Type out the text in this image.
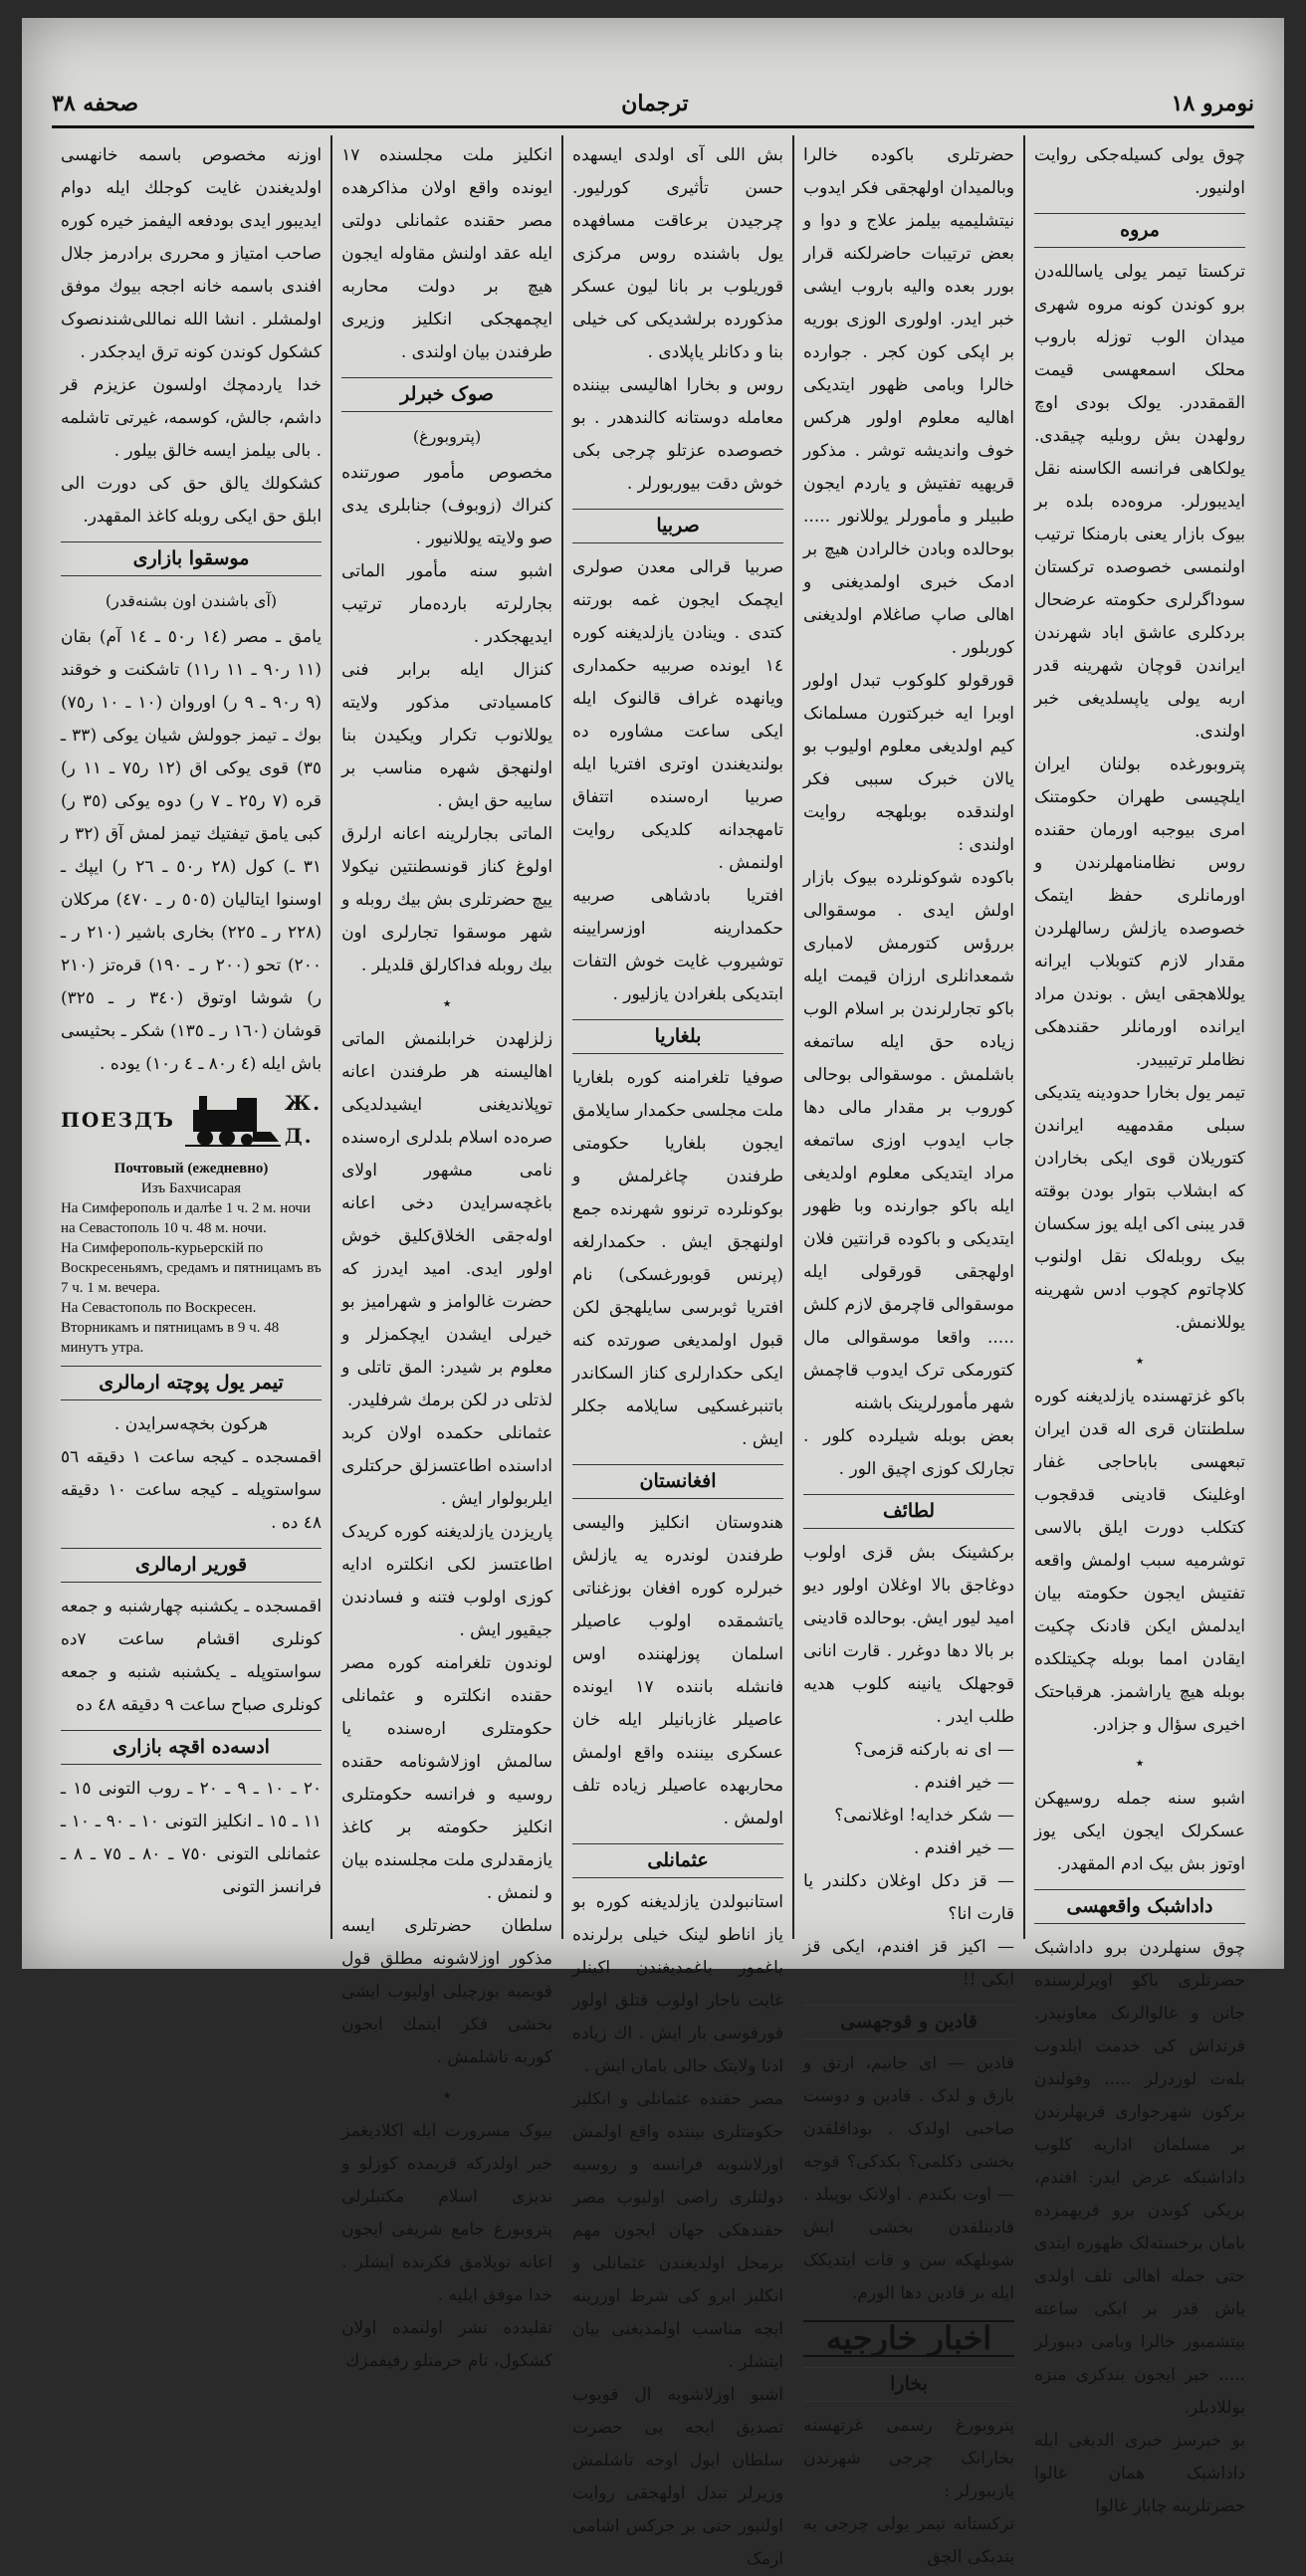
نومرو ١٨
ترجمان
صحفه ٣٨

چوق یولی کسیلەجکی روایت اولنیور.

مروه

ترکستا تیمر یولی یاساللەدن برو کوندن کونه مروه شهری میدان الوب توزله باروب محلک اسمعهسی قیمت القمقددر. یولک بودی اوچ رولهدن بش روبلیه چیقدی. یولکاهی فرانسه الکاسنه نقل ایدیبورلر. مروەده بلده بر بیوک بازار یعنی بارمنکا ترتیب اولنمسی خصوصده ترکستان سوداگرلری حکومته عرضحال بردکلری عاشق اباد شهرندن ایراندن قوچان شهرینه قدر اربه یولی یاپسلدیغی خبر اولندی.

پتروبورغده بولنان ایران ایلچیسی طهران حکومتنک امری بیوجبه اورمان حقنده روس نظامنامهلرندن و اورمانلری حفظ ایتمک خصوصده یازلش رسالهلردن مقدار لازم کتوبلاب ایرانه یوللاهجقی ایش . بوندن مراد ایرانده اورمانلر حقندهکی نظاملر ترتیبیدر.

تیمر یول بخارا حدودینه یتدیکی سبلی مقدمهیه ایراندن کتوریلان قوی ایکی بخارادن که ابشلاب بتوار بودن بوقته قدر یبنی اکی ایله یوز سکسان بیک روبلەلک نقل اولنوب کلاچاتوم کچوب ادس شهرینه یوللانمش.

٭

باکو غزتهسنده یازلدیغنه کوره سلطنتان قری اله قدن ایران تبعهسی باباحاجی غفار اوغلینک قادینی قدقجوب کتکلب دورت ایلق بالاسی توشرمیه سبب اولمش واقعه تفتیش ایجون حکومته بیان ایدلمش ایکن قادنک چکیت ایقادن امما بوبله چکیتلکده بوبله هیچ یاراشمز. هرقباحتک اخیری سؤال و جزادر.

٭

اشبو سنه جمله روسیهکن عسکرلک ایجون ایکی یوز اوتوز بش بیک ادم المقهدر.

داداشبک واقعهسی

چوق سنهلردن برو داداشبک حضرتلری باکو اویرلرسنده جانن و غالوالرنک معاونیدر. قرنداش کی خدمت ایلدوب بلەت لوزدرلر ..... وفولندن برکون شهرجواری قریهلرندن بر مسلمان اداریه کلوب داداشبکه عرض ایدر: افندم، بریکی کوندن برو قریهمزده بامان برخسته‌لک ظهوره ایتدی حتی جمله اهالی تلف اولدی یاش قدر بر ایکی ساعته بیتشمبور خالرا وبامی دیبورلر ..... خبر ایجون بندکزی مبزه یوللادیلر.

بو خبرسز خبری الدیغی ایله داداشبک همان غالوا حضرتلرینه چابار غالوا

حضرتلری باکوده خالرا وبالمیدان اولهجقی فکر ایدوب نیتشلیمیه بیلمز علاج و دوا و بعض ترتیبات حاضرلکنه قرار بورر بعده والیه باروب ایشی خبر ایدر. اولوری الوزی بوریه بر اپکی کون کجر . جوارده خالرا وبامی ظهور ایتدیکی اهالیه معلوم اولور هرکس خوف وانديشه توشر . مذکور قریهیه تفتیش و یاردم ایجون طبیلر و مأمورلر یوللانور ..... بوحالده وبادن خالرادن هیچ بر ادمک خبری اولمدیغنی و اهالی صاپ صاغلام اولدیغنی کوربلور .

قورقولو کلوکوب تبدل اولور اوبرا ایه خبرکتورن مسلمانک کیم اولدیغی معلوم اولیوب بو یالان خبرک سببی فکر اولندقده بوبلهجه روایت اولندی :

باکوده شوکونلرده بیوک بازار اولش ایدی . موسقوالی بررؤس کتورمش لامباری شمعدانلری ارزان قیمت ایله باکو تجارلرندن بر اسلام الوب زیاده حق ایله ساتمغه باشلمش . موسقوالی بوحالی کوروب بر مقدار مالی دها جاب ایدوب اوزی ساتمغه مراد ایتدیکی معلوم اولدیغی ایله باکو جوارنده وبا ظهور ایتدیکی و باکوده قرانتین فلان اولهجقی قورقولی ایله موسقوالی قاچرمق لازم کلش ..... واقعا موسقوالی مال کتورمکی ترک ایدوب قاچمش شهر مأمورلرینک باشنه

بعض بوبله شیلرده کلور . تجارلک کوزی اچیق الور .

لطائف

برکشینک بش قزی اولوب دوغاجق بالا اوغلان اولور دیو امید لیور ایش. بوحالده قادینی بر بالا دها دوغرر . قارت انانی قوجهلک یانینه کلوب هدیه طلب ایدر .

— ای نه بارکنه قزمی؟
— خیر افندم .
— شکر خدایه! اوغلانمی؟
— خیر افندم .
— قز دکل اوغلان دکلندر یا قارت انا؟
— اکیز قز افندم، ایکی قز ایکی !!

قادین و قوجهسی

قادین — ای جانیم، ارتق و بارق و لدک . قادین و دوست صاحبی اولدک . بوداقلقدن بخشی دکلمی؟ بکدکی؟ قوجه — اوت بکندم . اولانک بوپیلد . قادینلقدن بخشی ایش شوبلهکه سن و قات ایتدیکک ایله بر قادین دها الورم.

اخبار خارجیه
بخارا

پتروبورغ رسمی غزتهسنه بخارانک چرجی شهرندن یازیبورلر :

ترکستانه تیمر یولی چرجی یه یتدیکی الچق

بش اللی آی اولدی ایسهده حسن تأثیری کورلیور. چرجیدن برعاقت مسافهده یول باشنده روس مرکزی قوریلوب بر بانا لیون عسکر مذکورده برلشدیکی کی خیلی بنا و دکانلر یاپلادی .

روس و بخارا اهالیسی بیننده معامله دوستانه کالندهدر . بو خصوصده عزتلو چرجی بکی خوش دقت بیوربورلر .

صربیا

صربیا قرالی معدن صولری ایچمک ایجون غمه بورتنه کتدی . وینادن یازلدیغنه کوره ١٤ ایونده صربیه حکمداری ویانهده غراف قالنوک ایله ایکی ساعت مشاوره ده بولندیغندن اوتری افتریا ایله صربیا ارەسنده اتتفاق تامهجدانه كلدیکی روایت اولنمش .

افتریا بادشاهی صربیه حکمدارینه اوزسرایینه توشیروب غایت خوش التفات ابتدیکی بلغرادن یازلیور .

بلغاریا

صوفیا تلغرامنه کوره بلغاریا ملت مجلسی حکمدار سایلامق ایجون بلغاریا حکومتی طرفندن چاغرلمش و بوکونلرده ترنوو شهرنده جمع اولنهجق ایش . حکمدارلغه (پرنس قوبورغسکی) نام افتریا ثوبرسی سایلهجق لکن قبول اولمدیغی صورتده کنه ایکی حکدارلری کناز السکاندر باتنبرغسکیی سایلامه جکلر ایش .

افغانستان

هندوستان انکلیز والیسی طرفندن لوندره یه یازلش خبرلره کوره افغان بوزغناتی یاتشمقده اولوب عاصیلر اسلمان پوزلهننده اوس فانشله باننده ١٧ ایونده عاصیلر غازبانیلر ایله خان عسکری بیننده واقع اولمش محاربهده عاصیلر زیاده تلف اولمش .

عثمانلی

استانبولدن یازلدیغنه کوره بو یاز اناطو لینک خیلی برلرنده یاغمور یاغمدیغندن اکینلر غایت ناجار اولوب قتلق اولور قورقوسی بار ایش . اك زیاده ادنا ولایتک حالی یامان ایش .

مصر حقنده عثمانلی و انکلیز حکومتلری بیننده واقع اولمش اوزلاشوبه فرانسه و روسیه دولتلری راضی اولیوب مصر حقندهکی جهان ایجون مهم برمحل اولدیغندن عثمانلی و انکلیز ایرو کی شرط اوزرینه ایچه مناسب اولمدیغنی بیان ایتشلر .

اشبو اوزلاشوبه ال قویوب تصدیق ایجه بی حضرت سلطان ایول اوجه تاشلمش وزیرلر تبدل اولهجقی روایت اولنیور حتی بر جرکس اشامی ارمک

انکلیز ملت مجلسنده ١٧ ایونده واقع اولان مذاکرهده مصر حقنده عثمانلی دولتی ایله عقد اولنش مقاوله ایجون هیچ بر دولت محاربه ایچمهجکی انکلیز وزیری طرفندن بیان اولندی .

صوک خبرلر
(پتروبورغ)

مخصوص مأمور صورتنده کنراك (زوبوف) جنابلری یدی صو ولایته یوللانیور .

اشبو سنه مأمور الماتی بجارلرته بارده‌مار ترتیب ایدیهجکدر .

کنزال ایله برابر فنی کامسیادتی مذکور ولایته یوللانوب تکرار ویکیدن بنا اولنهجق شهره مناسب بر ساییه حق ایش .

الماتی بجارلرینه اعانه ارلرق اولوغ کناز قونسطنتین نیکولا ییچ حضرتلری بش بیك روبله و شهر موسقوا تجارلری اون بیك روبله فداکارلق قلدیلر .

٭

زلزلهدن خرابلنمش الماتی اهالیسنه هر طرفندن اعانه توپلاندیغنی ایشیدلدیکی صره‌ده اسلام بلدلری ارەسنده نامی مشهور اولای باغچەسرایدن دخی اعانه اولەجقی الخلاق‌کلیق خوش اولور ایدی. امید ایدرز که حضرت غالوامز و شهرامیز بو خیرلی ایشدن ایچکمزلر و معلوم بر شیدر: المق تاتلی و لذتلی در لکن برمك شرفلیدر.

عثمانلی حکمده اولان کربد اداسنده اطاعتسزلق حرکتلری ایلربولوار ایش .

پاریزدن یازلدیغنه کوره کریدک اطاعتسز لکی انکلتره ادایه کوزی اولوب فتنه و فسادندن جیقیور ایش .

لوندون تلغرامنه کوره مصر حقنده انکلتره و عثمانلی حکومتلری ارەسنده یا سالمش اوزلاشونامه حقنده روسیه و فرانسه حکومتلری انکلیز حکومته بر کاغذ یازمقدلری ملت مجلسنده بیان و لنمش .

سلطان حضرتلری ایسه مذکور اوزلاشونه مطلق قول قویمیه بوزچیلی اولیوب ایشی بخشی فکر ایتمك ایجون کوربه تاشلمش .

٭

بیوک مسرورت ایله اکلادیغمز خبر اولدرکه قریمده کوزلو و ندیزی اسلام مکتبلرلی پتروبورغ جامع شریفی ایجون اعانه توپلامق فکرنده ایشلر . خدا موفق ایلیه .

تقلیدده نشر اولنمده اولان کشکول، نام حرمتلو رفیقمزك

اوزنه مخصوص باسمه خانهسی اولدیغندن غایت کوجلك ایله دوام ایدیبور ایدی بودفعه الیفمز خیره کوره صاحب امتیاز و محرری برادرمز جلال افندی باسمه خانه اججه بیوك موفق اولمشلر . انشا الله نماللی‌شندنصوک کشکول کوندن کونه ترق ایدجکدر .

خدا یاردمچك اولسون عزیزم قر داشم، جالش، کوسمه، غیرتی تاشلمه . بالی بیلمز ایسه خالق بیلور .

کشکولك یالق حق کی دورت الی ابلق حق ایکی روبله کاغذ المقهدر.

موسقوا بازاری
(آی باشندن اون بشنه‌قدر)

یامق ـ مصر (١٤ ر٥٠ ـ ١٤ آم) بقان (١١ ر٩٠ ـ ١١ ر١١) تاشکنت و خوقند (٩ ر٩٠ ـ ٩ ر) اوروان (١٠ ـ ١٠ ر٧٥) بوك ـ تیمز جوولش شیان یوکی (٣٣ ـ ٣٥) قوی یوکی اق (١٢ ر٧٥ ـ ١١ ر) قره (٧ ر٢٥ ـ ٧ ر) دوه یوکی (٣٥ ر) کبی یامق تیفتیك تیمز لمش آق (٣٢ ر ٣١ ـ) کول (٢٨ ر٥٠ ـ ٢٦ ر) ایپك ـ اوسنوا ایتالیان (٥٠٥ ر ـ ٤٧٠) مرکلان (٢٢٨ ر ـ ٢٢٥) بخاری باشیر (٢١٠ ر ـ ٢٠٠) تحو (٢٠٠ ر ـ ١٩٠) قره‌تز (٢١٠ ر) شوشا اوتوق (٣٤٠ ر ـ ٣٢٥) قوشان (١٦٠ ر ـ ١٣٥) شکر ـ بحثیسی باش ایله (٤ ر٨٠ ـ ٤ ر١٠) یوده .

ПОЕЗДЪ
Ж. Д.

Почтовый (ежедневно)

Изъ Бахчисарая

На Симферополь и далѣе 1 ч. 2 м. ночи на Севастополь 10 ч. 48 м. ночи.

На Симферополь-курьерскій по Воскресеньямъ, средамъ и пятницамъ въ 7 ч. 1 м. вечера.

На Севастополь по Воскресен. Вторникамъ и пятницамъ в 9 ч. 48 минутъ утра.

تیمر یول پوچته ارمالری

هرکون بخچه‌سرایدن .

اقمسجده ـ کیجه ساعت ١ دقیقه ٥٦ سواستوپله ـ کیجه ساعت ١٠ دقیقه ٤٨ ده .

قوریر ارمالری

اقمسجده ـ یکشنبه چهارشنبه و جمعه کونلری اقشام ساعت ٧ده سواستوپله ـ یکشنبه شنبه و جمعه کونلری صباح ساعت ٩ دقیقه ٤٨ ده

ادسه‌ده اقچه بازاری

٢٠ ـ ١٠ ـ ٩ ـ ٢٠ ـ روب التونی ١٥ ـ ١١ ـ ١٥ ـ انکلیز التونی ١٠ ـ ٩٠ ـ ١٠ ـ عثمانلی التونی ٧٥٠ ـ ٨٠ ـ ٧٥ ـ ٨ ـ فرانسز التونی
